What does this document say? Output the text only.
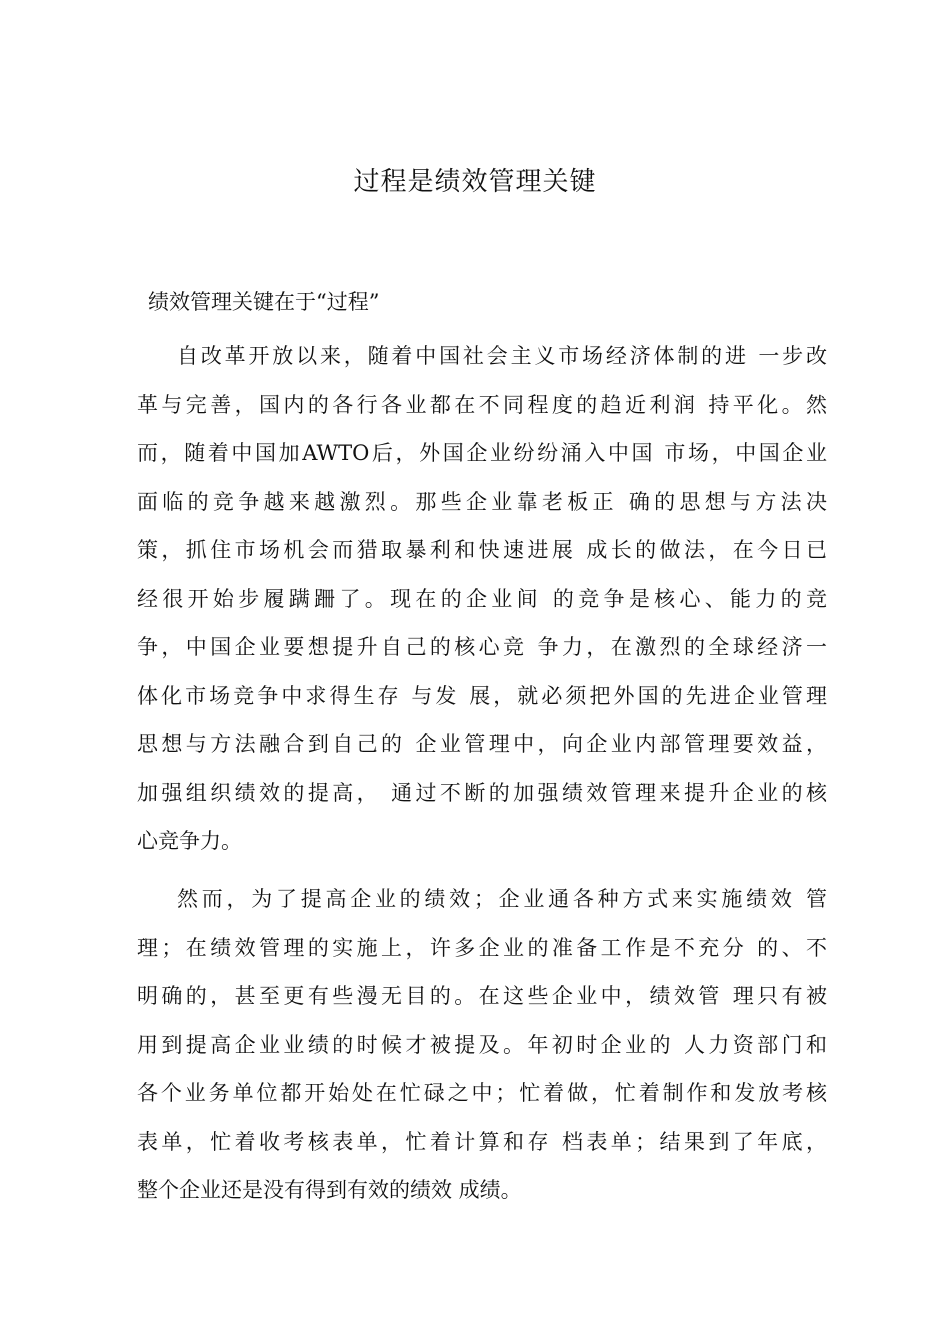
过程是绩效管理关键

绩效管理关键在于“过程”

自改革开放以来，随着中国社会主义市场经济体制的进 一步改
革与完善，国内的各行各业都在不同程度的趋近利润 持平化。然
而，随着中国加AWTO后，外国企业纷纷涌入中国 市场，中国企业
面临的竞争越来越激烈。那些企业靠老板正 确的思想与方法决
策，抓住市场机会而猎取暴利和快速进展 成长的做法，在今日已
经很开始步履蹒跚了。现在的企业间 的竞争是核心、能力的竞
争，中国企业要想提升自己的核心竞 争力，在激烈的全球经济一
体化市场竞争中求得生存 与发 展，就必须把外国的先进企业管理
思想与方法融合到自己的 企业管理中，向企业内部管理要效益，
加强组织绩效的提高， 通过不断的加强绩效管理来提升企业的核
心竞争力。
然而，为了提高企业的绩效；企业通各种方式来实施绩效 管
理；在绩效管理的实施上，许多企业的准备工作是不充分 的、不
明确的，甚至更有些漫无目的。在这些企业中，绩效管 理只有被
用到提高企业业绩的时候才被提及。年初时企业的 人力资部门和
各个业务单位都开始处在忙碌之中；忙着做，忙着制作和发放考核
表单，忙着收考核表单，忙着计算和存 档表单；结果到了年底，
整个企业还是没有得到有效的绩效 成绩。
